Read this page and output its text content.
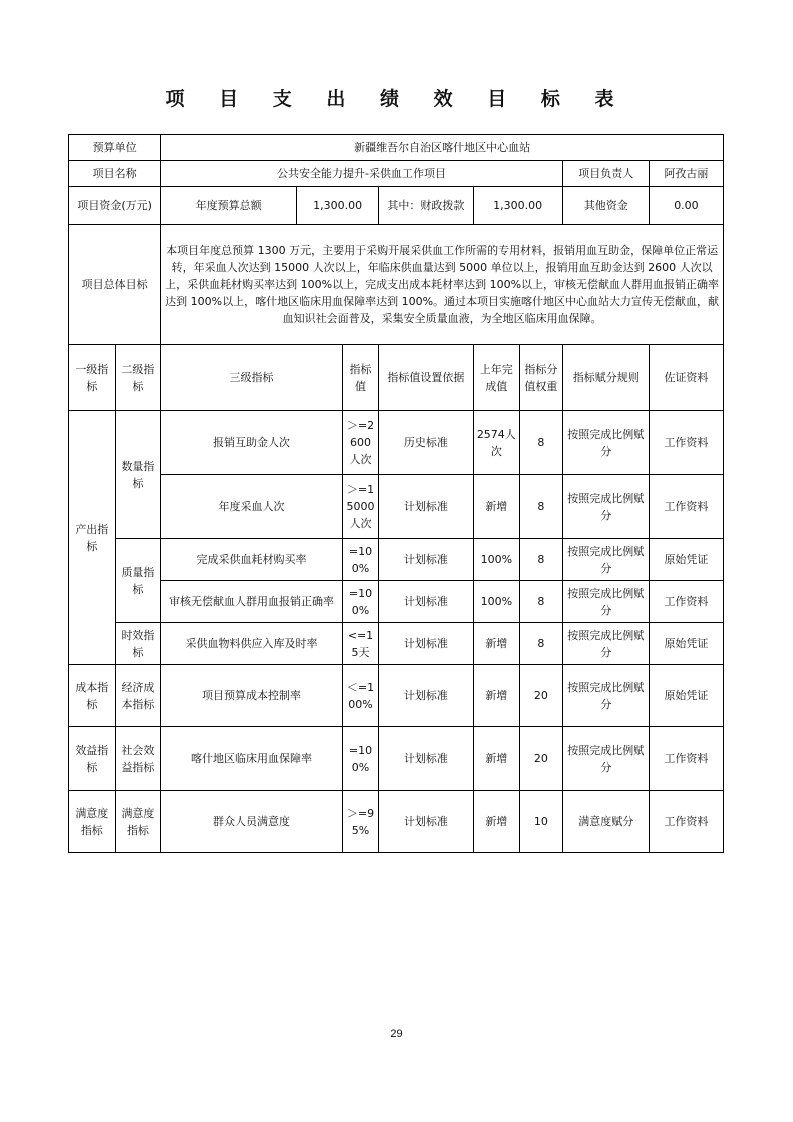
项 目 支 出 绩 效 目 标 表
预算单位		新疆维吾尔自治区喀什地区中心血站							
项目名称		公共安全能力提升-采供血工作项目						项目负责人	阿孜古丽
项目资金(万元)		年度预算总额	1,300.00		其中：财政拨款	1,300.00		其他资金	0.00
项目总体目标		本项目年度总预算 1300 万元，主要用于采购开展采供血工作所需的专用材料，报销用血互助金，保障单位正常运转，年采血人次达到 15000 人次以上，年临床供血量达到 5000 单位以上，报销用血互助金达到 2600 人次以上，采供血耗材购买率达到 100%以上，完成支出成本耗材率达到 100%以上，审核无偿献血人群用血报销正确率达到 100%以上，喀什地区临床用血保障率达到 100%。通过本项目实施喀什地区中心血站大力宣传无偿献血，献血知识社会面普及，采集安全质量血液，为全地区临床用血保障。							
一级指标	二级指标	三级指标		指标值	指标值设置依据	上年完成值	指标分值权重	指标赋分规则	佐证资料
产出指标	数量指标	报销互助金人次		＞=2600人次	历史标准	2574人次	8	按照完成比例赋分	工作资料
		年度采血人次		＞=15000人次	计划标准	新增	8	按照完成比例赋分	工作资料
	质量指标	完成采供血耗材购买率		=100%	计划标准	100%	8	按照完成比例赋分	原始凭证
		审核无偿献血人群用血报销正确率		=100%	计划标准	100%	8	按照完成比例赋分	工作资料
	时效指标	采供血物料供应入库及时率		<=15天	计划标准	新增	8	按照完成比例赋分	原始凭证
成本指标	经济成本指标	项目预算成本控制率		＜=100%	计划标准	新增	20	按照完成比例赋分	原始凭证
效益指标	社会效益指标	喀什地区临床用血保障率		=100%	计划标准	新增	20	按照完成比例赋分	工作资料
满意度指标	满意度指标	群众人员满意度		＞=95%	计划标准	新增	10	满意度赋分	工作资料
29
